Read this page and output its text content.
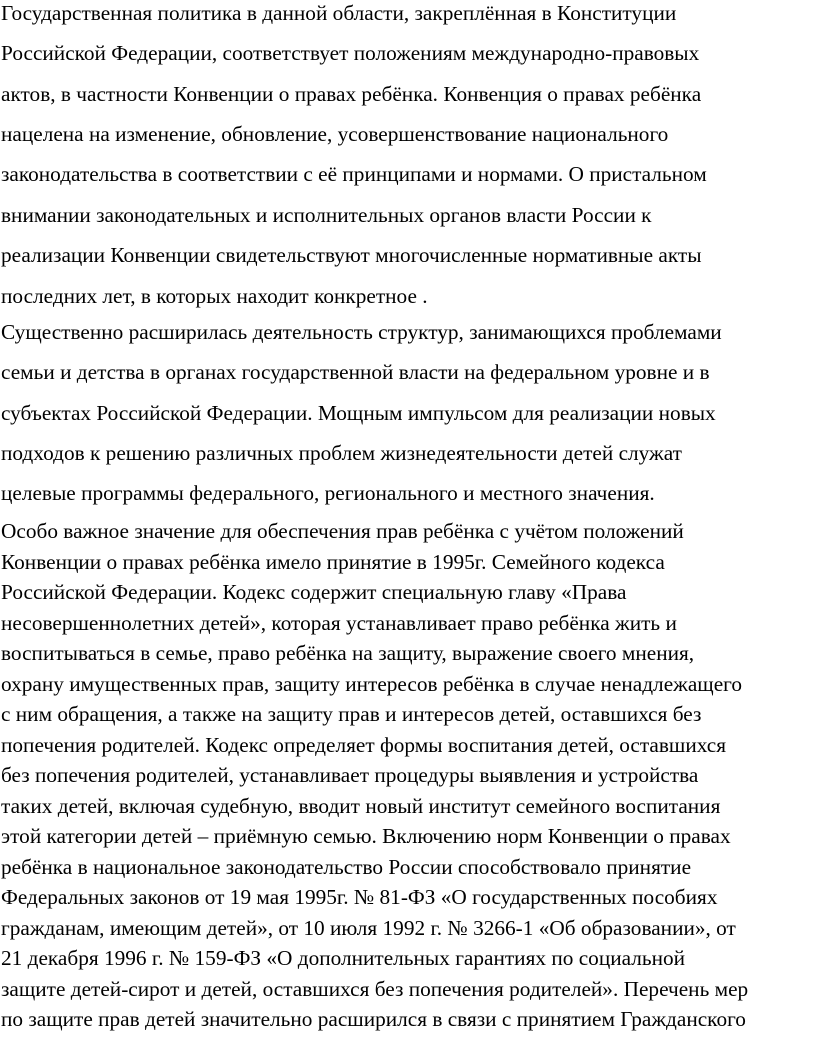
Государственная политика в данной области, закреплённая в Конституции
Российской Федерации, соответствует положениям международно-правовых
актов, в частности Конвенции о правах ребёнка. Конвенция о правах ребёнка
нацелена на изменение, обновление, усовершенствование национального
законодательства в соответствии с её принципами и нормами. О пристальном
внимании законодательных и исполнительных органов власти России к
реализации Конвенции свидетельствуют многочисленные нормативные акты
последних лет, в которых находит конкретное .
Существенно расширилась деятельность структур, занимающихся проблемами
семьи и детства в органах государственной власти на федеральном уровне и в
субъектах Российской Федерации. Мощным импульсом для реализации новых
подходов к решению различных проблем жизнедеятельности детей служат
целевые программы федерального, регионального и местного значения.
Особо важное значение для обеспечения прав ребёнка с учётом положений
Конвенции о правах ребёнка имело принятие в 1995г. Семейного кодекса
Российской Федерации. Кодекс содержит специальную главу «Права
несовершеннолетних детей», которая устанавливает право ребёнка жить и
воспитываться в семье, право ребёнка на защиту, выражение своего мнения,
охрану имущественных прав, защиту интересов ребёнка в случае ненадлежащего
с ним обращения, а также на защиту прав и интересов детей, оставшихся без
попечения родителей. Кодекс определяет формы воспитания детей, оставшихся
без попечения родителей, устанавливает процедуры выявления и устройства
таких детей, включая судебную, вводит новый институт семейного воспитания
этой категории детей – приёмную семью. Включению норм Конвенции о правах
ребёнка в национальное законодательство России способствовало принятие
Федеральных законов от 19 мая 1995г. № 81-ФЗ «О государственных пособиях
гражданам, имеющим детей», от 10 июля 1992 г. № 3266-1 «Об образовании», от
21 декабря 1996 г. № 159-ФЗ «О дополнительных гарантиях по социальной
защите детей-сирот и детей, оставшихся без попечения родителей». Перечень мер
по защите прав детей значительно расширился в связи с принятием Гражданского
